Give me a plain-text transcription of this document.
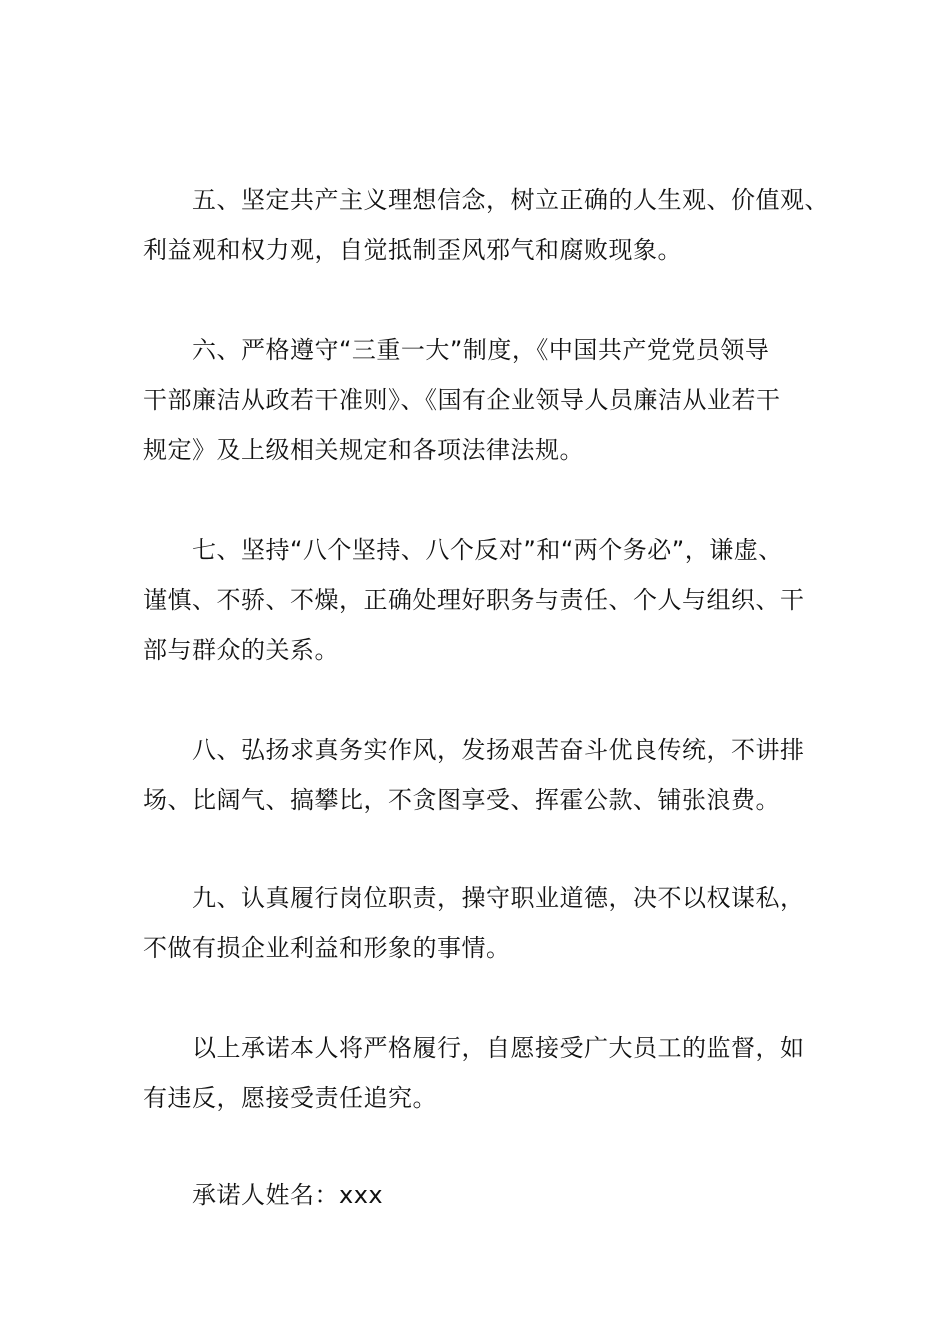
五、坚定共产主义理想信念，树立正确的人生观、价值观、
利益观和权力观，自觉抵制歪风邪气和腐败现象。
六、严格遵守“三重一大”制度，《中国共产党党员领导
干部廉洁从政若干准则》、《国有企业领导人员廉洁从业若干
规定》及上级相关规定和各项法律法规。
七、坚持“八个坚持、八个反对”和“两个务必”，谦虚、
谨慎、不骄、不燥，正确处理好职务与责任、个人与组织、干
部与群众的关系。
八、弘扬求真务实作风，发扬艰苦奋斗优良传统，不讲排
场、比阔气、搞攀比，不贪图享受、挥霍公款、铺张浪费。
九、认真履行岗位职责，操守职业道德，决不以权谋私，
不做有损企业利益和形象的事情。
以上承诺本人将严格履行，自愿接受广大员工的监督，如
有违反，愿接受责任追究。
承诺人姓名：xxx
